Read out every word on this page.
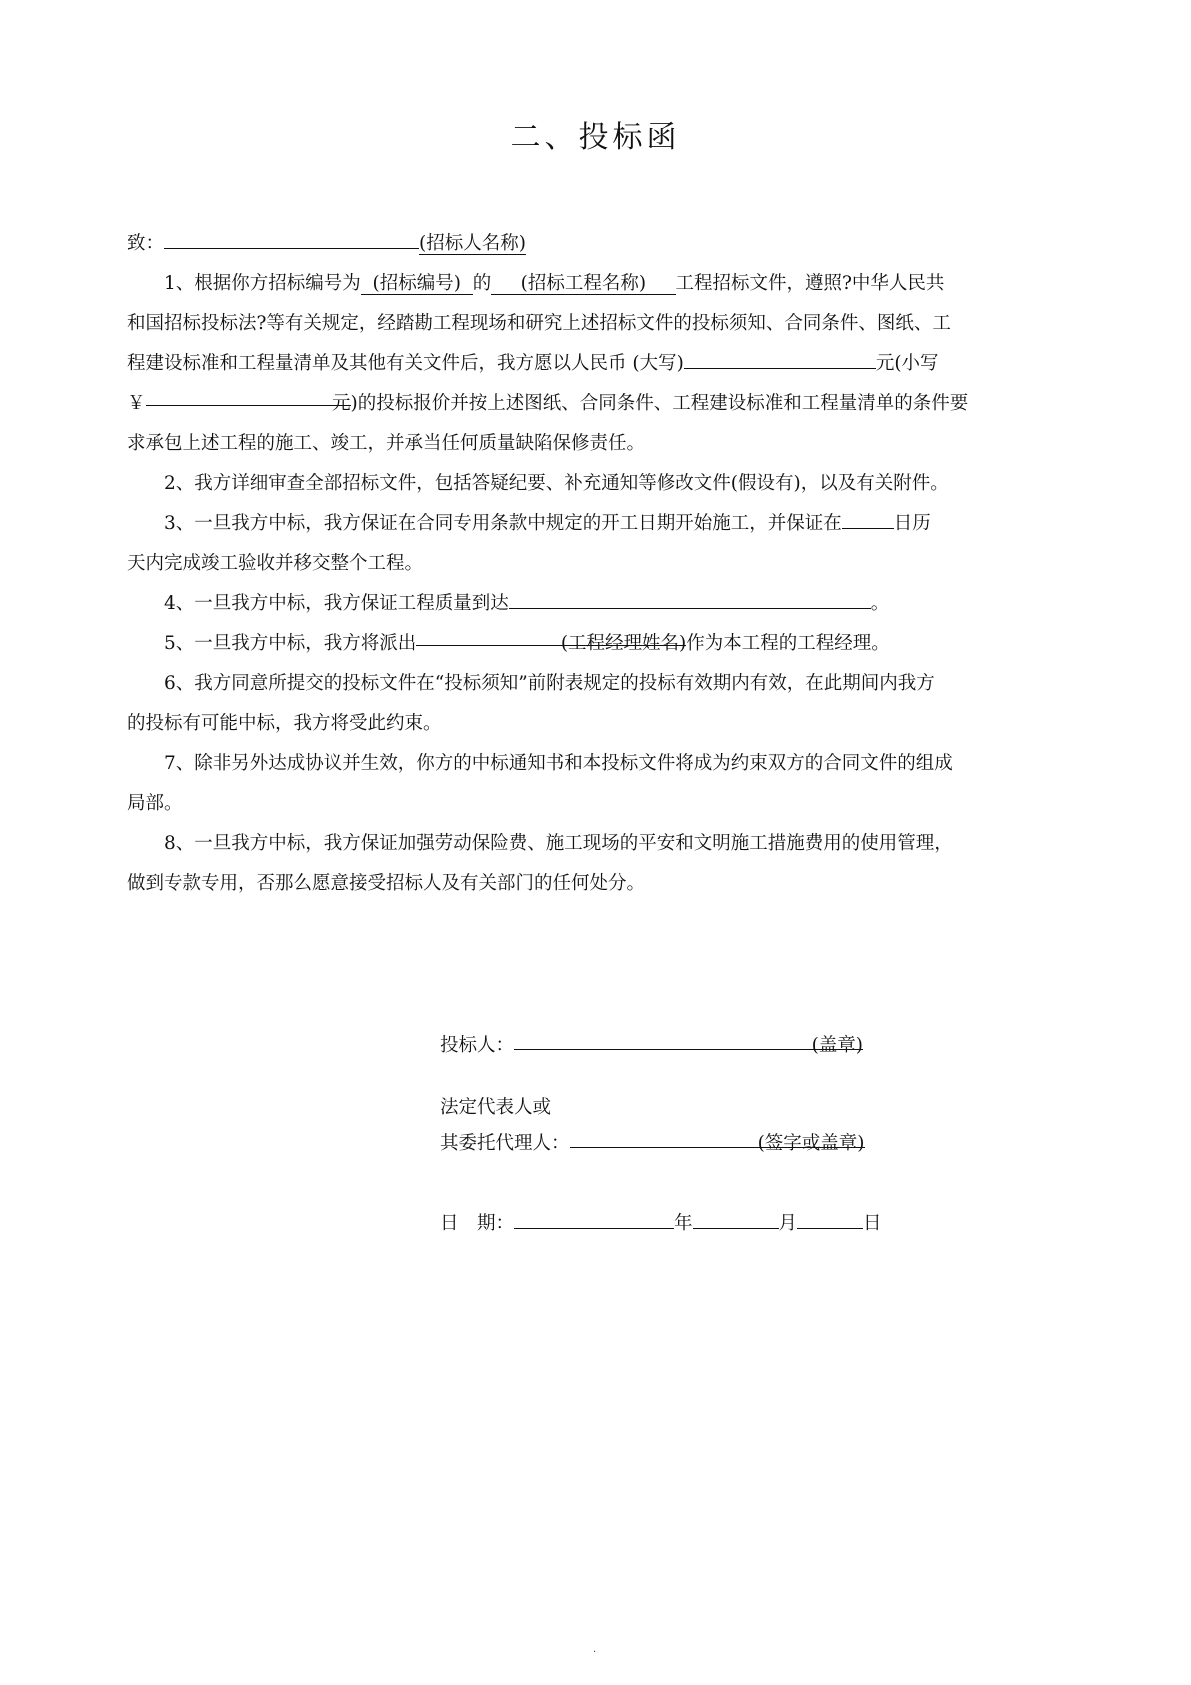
二、投标函
致：	(招标人名称)
1、根据你方招标编号为 (招标编号) 的 (招标工程名称) 工程招标文件，遵照?中华人民共
和国招标投标法?等有关规定，经踏勘工程现场和研究上述招标文件的投标须知、合同条件、图纸、工
程建设标准和工程量清单及其他有关文件后，我方愿以人民币 (大写)	元(小写
￥	元)的投标报价并按上述图纸、合同条件、工程建设标准和工程量清单的条件要
求承包上述工程的施工、竣工，并承当任何质量缺陷保修责任。
2、我方详细审查全部招标文件，包括答疑纪要、补充通知等修改文件(假设有)，以及有关附件。
3、一旦我方中标，我方保证在合同专用条款中规定的开工日期开始施工，并保证在	日历
天内完成竣工验收并移交整个工程。
4、一旦我方中标，我方保证工程质量到达	。
5、一旦我方中标，我方将派出	(工程经理姓名)作为本工程的工程经理。
6、我方同意所提交的投标文件在“投标须知”前附表规定的投标有效期内有效，在此期间内我方
的投标有可能中标，我方将受此约束。
7、除非另外达成协议并生效，你方的中标通知书和本投标文件将成为约束双方的合同文件的组成
局部。
8、一旦我方中标，我方保证加强劳动保险费、施工现场的平安和文明施工措施费用的使用管理，
做到专款专用，否那么愿意接受招标人及有关部门的任何处分。
投标人：	(盖章)
法定代表人或
其委托代理人：	(签字或盖章)
日　期：	年	月	日
.
